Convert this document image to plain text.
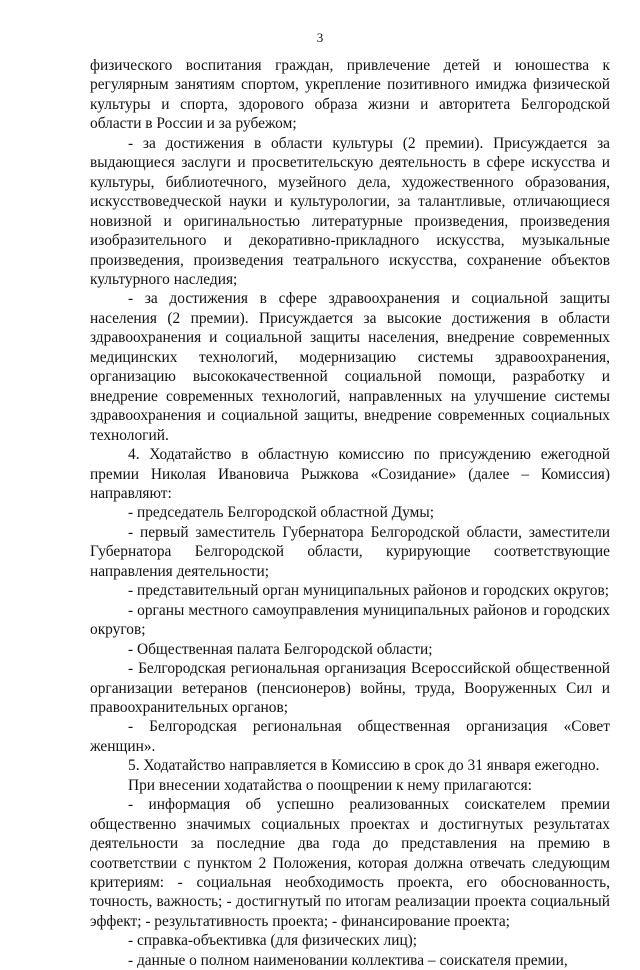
3

физического воспитания граждан, привлечение детей и юношества к регулярным занятиям спортом, укрепление позитивного имиджа физической культуры и спорта, здорового образа жизни и авторитета Белгородской области в России и за рубежом;

- за достижения в области культуры (2 премии). Присуждается за выдающиеся заслуги и просветительскую деятельность в сфере искусства и культуры, библиотечного, музейного дела, художественного образования, искусствоведческой науки и культурологии, за талантливые, отличающиеся новизной и оригинальностью литературные произведения, произведения изобразительного и декоративно-прикладного искусства, музыкальные произведения, произведения театрального искусства, сохранение объектов культурного наследия;

- за достижения в сфере здравоохранения и социальной защиты населения (2 премии). Присуждается за высокие достижения в области здравоохранения и социальной защиты населения, внедрение современных медицинских технологий, модернизацию системы здравоохранения, организацию высококачественной социальной помощи, разработку и внедрение современных технологий, направленных на улучшение системы здравоохранения и социальной защиты, внедрение современных социальных технологий.

4. Ходатайство в областную комиссию по присуждению ежегодной премии Николая Ивановича Рыжкова «Созидание» (далее – Комиссия) направляют:

- председатель Белгородской областной Думы;

- первый заместитель Губернатора Белгородской области, заместители Губернатора Белгородской области, курирующие соответствующие направления деятельности;

- представительный орган муниципальных районов и городских округов;

- органы местного самоуправления муниципальных районов и городских округов;

- Общественная палата Белгородской области;

- Белгородская региональная организация Всероссийской общественной организации ветеранов (пенсионеров) войны, труда, Вооруженных Сил и правоохранительных органов;

- Белгородская региональная общественная организация «Совет женщин».

5. Ходатайство направляется в Комиссию в срок до 31 января ежегодно.

При внесении ходатайства о поощрении к нему прилагаются:

- информация об успешно реализованных соискателем премии общественно значимых социальных проектах и достигнутых результатах деятельности за последние два года до представления на премию в соответствии с пунктом 2 Положения, которая должна отвечать следующим критериям: - социальная необходимость проекта, его обоснованность, точность, важность; - достигнутый по итогам реализации проекта социальный эффект; - результативность проекта; - финансирование проекта;

- справка-объективка (для физических лиц);

- данные о полном наименовании коллектива – соискателя премии,
